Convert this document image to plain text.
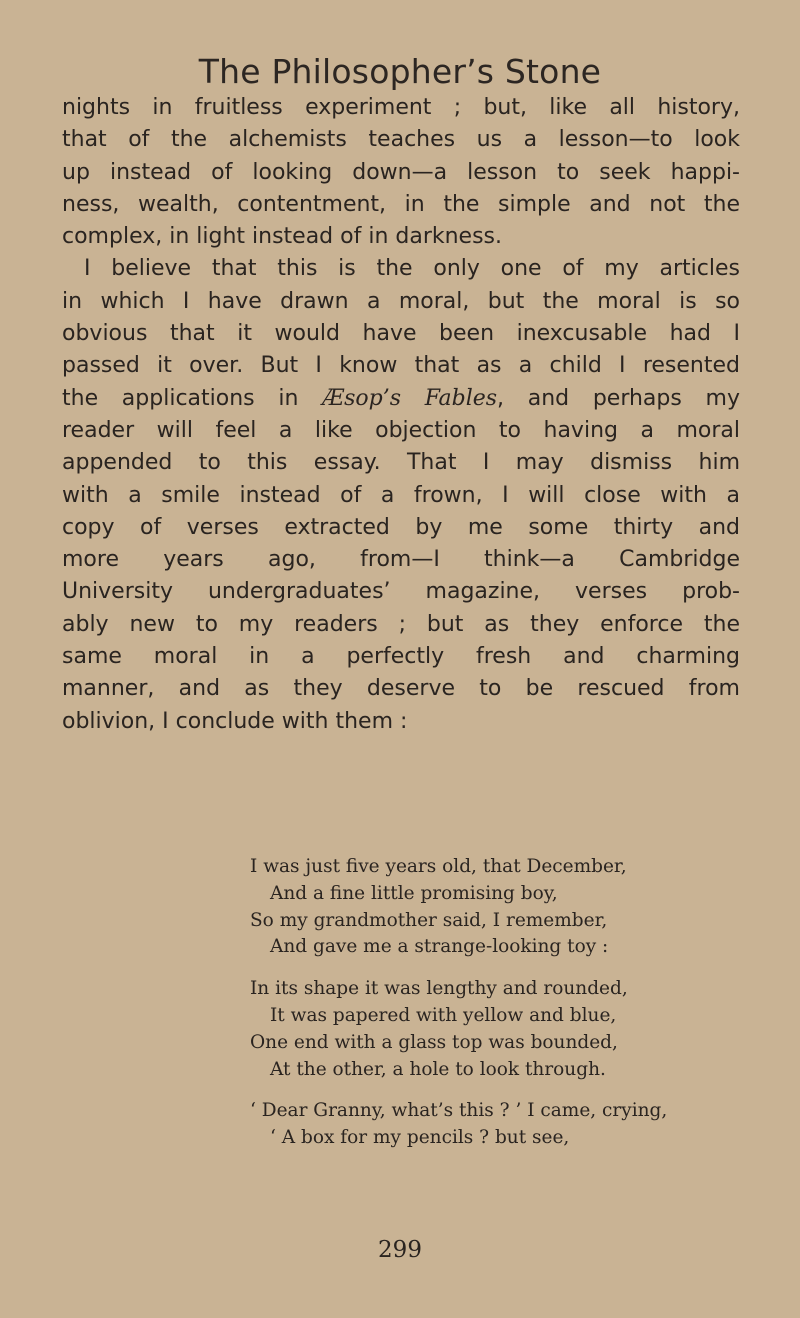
The Philosopher’s Stone
nights in fruitless experiment ; but, like all history,
that of the alchemists teaches us a lesson—to look
up instead of looking down—a lesson to seek happi-
ness, wealth, contentment, in the simple and not the
complex, in light instead of in darkness.
I believe that this is the only one of my articles
in which I have drawn a moral, but the moral is so
obvious that it would have been inexcusable had I
passed it over. But I know that as a child I resented
the applications in Æsop’s Fables, and perhaps my
reader will feel a like objection to having a moral
appended to this essay. That I may dismiss him
with a smile instead of a frown, I will close with a
copy of verses extracted by me some thirty and
more years ago, from—I think—a Cambridge
University undergraduates’ magazine, verses prob-
ably new to my readers ; but as they enforce the
same moral in a perfectly fresh and charming
manner, and as they deserve to be rescued from
oblivion, I conclude with them :
I was just five years old, that December,
And a fine little promising boy,
So my grandmother said, I remember,
And gave me a strange-looking toy :
In its shape it was lengthy and rounded,
It was papered with yellow and blue,
One end with a glass top was bounded,
At the other, a hole to look through.
‘ Dear Granny, what’s this ? ’ I came, crying,
‘ A box for my pencils ? but see,
299
